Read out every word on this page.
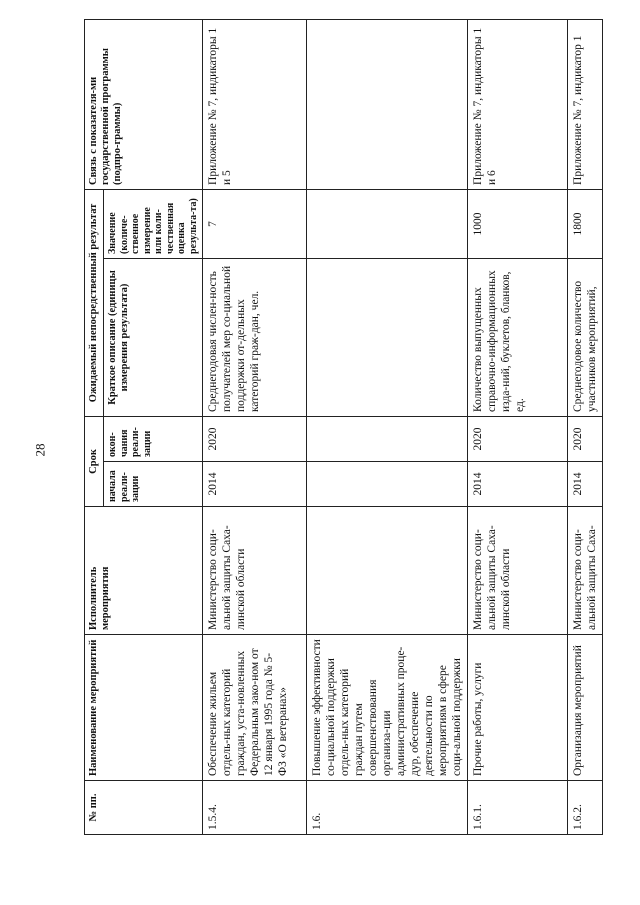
28
№ пп.	Наименование мероприятий	Исполнитель мероприятия	Срок		Ожидаемый непосредственный результат		Связь с показателя-ми государственной программы (подпро-граммы)
			начала реали-зации	окон-чания реали-зации	Краткое описание (единицы измерения результата)	Значение (количе-ственное измерение или коли-чественная оценка результа-та)	
1.5.4.	Обеспечение жильем отдель-ных категорий граждан, уста-новленных Федеральным зако-ном от 12 января 1995 года № 5-ФЗ «О ветеранах»	Министерство соци-альной защиты Саха-линской области	2014	2020	Среднегодовая числен-ность получателей мер со-циальной поддержки от-дельных категорий граж-дан, чел.	7	Приложение № 7, индикаторы 1 и 5
1.6.	Повышение эффективности со-циальной поддержки отдель-ных категорий граждан путем совершенствования организа-ции административных проце-дур, обеспечение деятельности по мероприятиям в сфере соци-альной поддержки						
1.6.1.	Прочие работы, услуги	Министерство соци-альной защиты Саха-линской области	2014	2020	Количество выпущенных справочно-информационных изда-ний, буклетов, бланков, ед.	1000	Приложение № 7, индикаторы 1 и 6
1.6.2.	Организация мероприятий	Министерство соци-альной защиты Саха-	2014	2020	Среднегодовое количество участников мероприятий,	1800	Приложение № 7, индикатор 1
